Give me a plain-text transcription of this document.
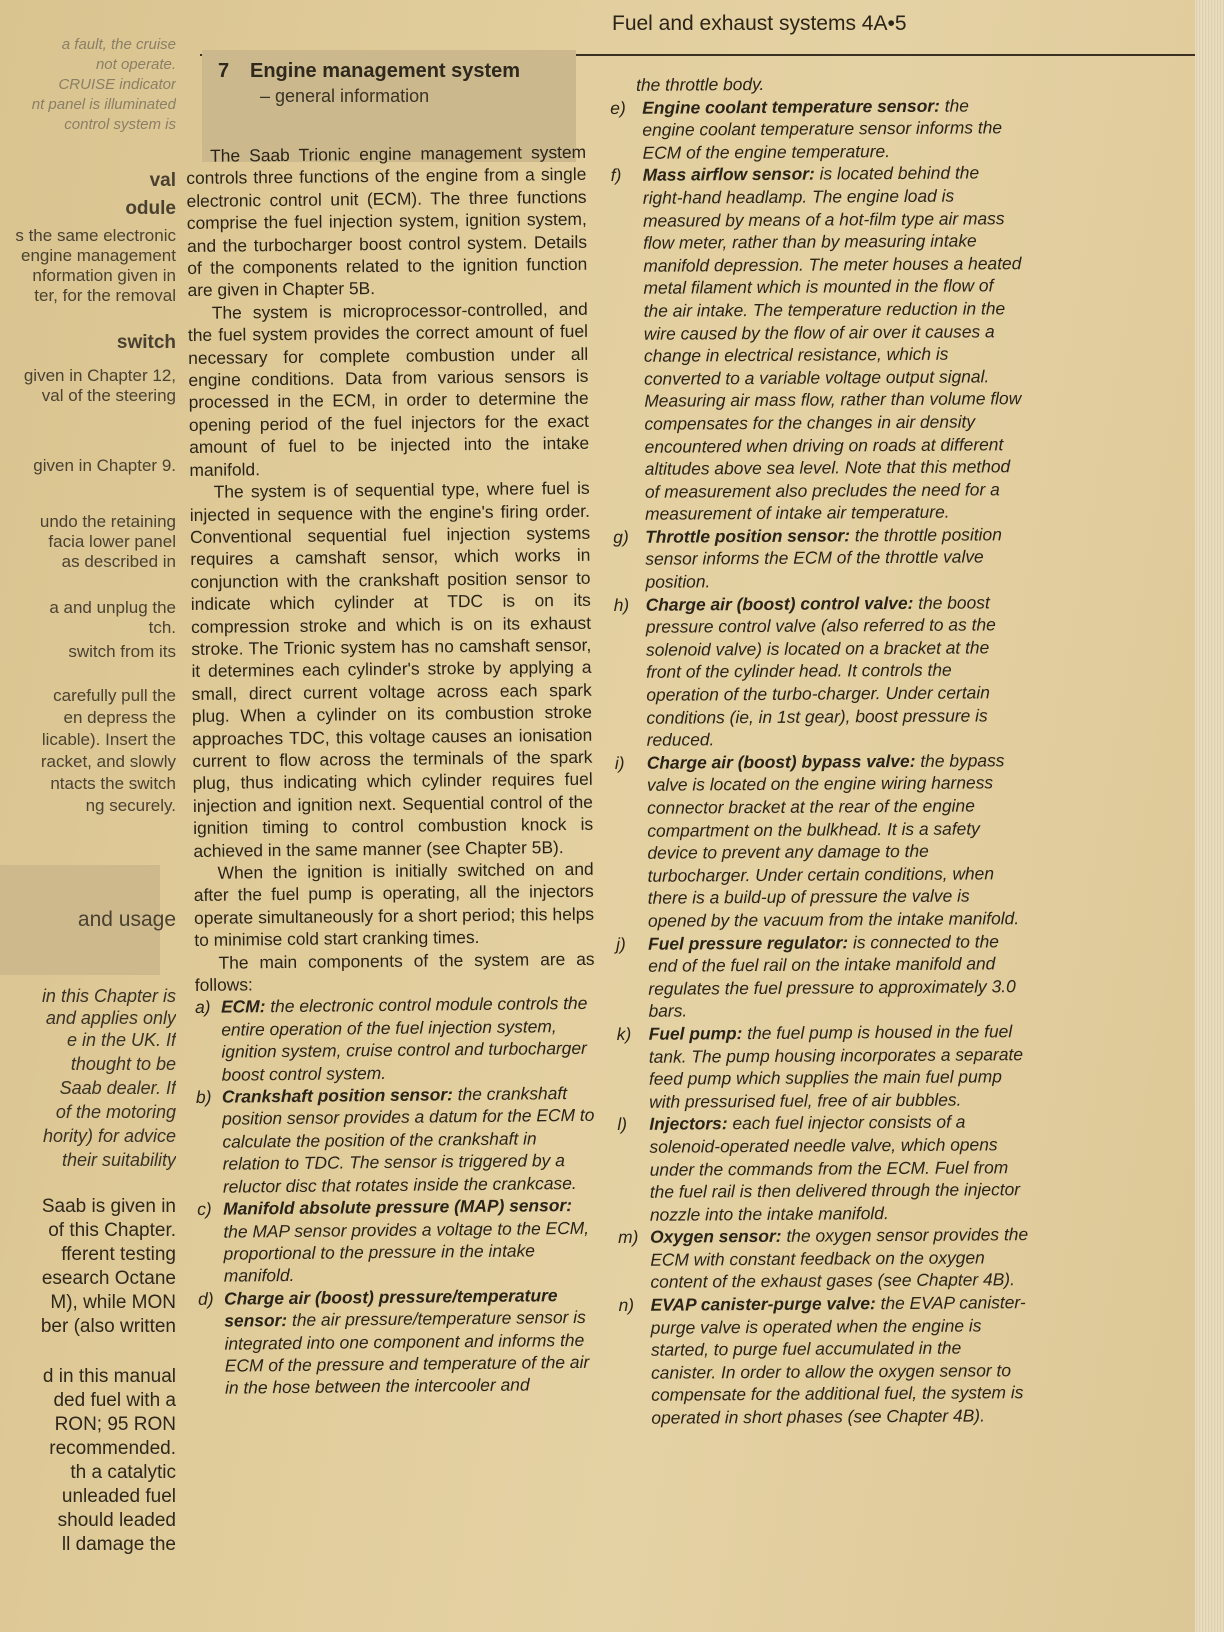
Fuel and exhaust systems 4A•5
a fault, the cruise
not operate.
CRUISE indicator
nt panel is illuminated
control system is
val
odule
s the same electronic
engine management
nformation given in
ter, for the removal
switch
given in Chapter 12,
val of the steering
given in Chapter 9.
undo the retaining
facia lower panel
as described in
a and unplug the
tch.
switch from its
carefully pull the
en depress the
licable). Insert the
racket, and slowly
ntacts the switch
ng securely.
and usage
in this Chapter is
and applies only
e in the UK. If
thought to be
Saab dealer. If
of the motoring
hority) for advice
their suitability
Saab is given in
of this Chapter.
fferent testing
esearch Octane
M), while MON
ber (also written
d in this manual
ded fuel with a
RON; 95 RON
recommended.
th a catalytic
unleaded fuel
should leaded
ll damage the
7 Engine management system
– general information

The Saab Trionic engine management system controls three functions of the engine from a single electronic control unit (ECM). The three functions comprise the fuel injection system, ignition system, and the turbocharger boost control system. Details of the components related to the ignition function are given in Chapter 5B.

The system is microprocessor-controlled, and the fuel system provides the correct amount of fuel necessary for complete combustion under all engine conditions. Data from various sensors is processed in the ECM, in order to determine the opening period of the fuel injectors for the exact amount of fuel to be injected into the intake manifold.

The system is of sequential type, where fuel is injected in sequence with the engine's firing order. Conventional sequential fuel injection systems requires a camshaft sensor, which works in conjunction with the crankshaft position sensor to indicate which cylinder at TDC is on its compression stroke and which is on its exhaust stroke. The Trionic system has no camshaft sensor, it determines each cylinder's stroke by applying a small, direct current voltage across each spark plug. When a cylinder on its combustion stroke approaches TDC, this voltage causes an ionisation current to flow across the terminals of the spark plug, thus indicating which cylinder requires fuel injection and ignition next. Sequential control of the ignition timing to control combustion knock is achieved in the same manner (see Chapter 5B).

When the ignition is initially switched on and after the fuel pump is operating, all the injectors operate simultaneously for a short period; this helps to minimise cold start cranking times.

The main components of the system are as follows:

a) ECM: the electronic control module controls the entire operation of the fuel injection system, ignition system, cruise control and turbocharger boost control system.
b) Crankshaft position sensor: the crankshaft position sensor provides a datum for the ECM to calculate the position of the crankshaft in relation to TDC. The sensor is triggered by a reluctor disc that rotates inside the crankcase.
c) Manifold absolute pressure (MAP) sensor: the MAP sensor provides a voltage to the ECM, proportional to the pressure in the intake manifold.
d) Charge air (boost) pressure/temperature sensor: the air pressure/temperature sensor is integrated into one component and informs the ECM of the pressure and temperature of the air in the hose between the intercooler and
the throttle body.
e) Engine coolant temperature sensor: the engine coolant temperature sensor informs the ECM of the engine temperature.
f) Mass airflow sensor: is located behind the right-hand headlamp. The engine load is measured by means of a hot-film type air mass flow meter, rather than by measuring intake manifold depression. The meter houses a heated metal filament which is mounted in the flow of the air intake. The temperature reduction in the wire caused by the flow of air over it causes a change in electrical resistance, which is converted to a variable voltage output signal. Measuring air mass flow, rather than volume flow compensates for the changes in air density encountered when driving on roads at different altitudes above sea level. Note that this method of measurement also precludes the need for a measurement of intake air temperature.
g) Throttle position sensor: the throttle position sensor informs the ECM of the throttle valve position.
h) Charge air (boost) control valve: the boost pressure control valve (also referred to as the solenoid valve) is located on a bracket at the front of the cylinder head. It controls the operation of the turbo-charger. Under certain conditions (ie, in 1st gear), boost pressure is reduced.
i) Charge air (boost) bypass valve: the bypass valve is located on the engine wiring harness connector bracket at the rear of the engine compartment on the bulkhead. It is a safety device to prevent any damage to the turbocharger. Under certain conditions, when there is a build-up of pressure the valve is opened by the vacuum from the intake manifold.
j) Fuel pressure regulator: is connected to the end of the fuel rail on the intake manifold and regulates the fuel pressure to approximately 3.0 bars.
k) Fuel pump: the fuel pump is housed in the fuel tank. The pump housing incorporates a separate feed pump which supplies the main fuel pump with pressurised fuel, free of air bubbles.
l) Injectors: each fuel injector consists of a solenoid-operated needle valve, which opens under the commands from the ECM. Fuel from the fuel rail is then delivered through the injector nozzle into the intake manifold.
m) Oxygen sensor: the oxygen sensor provides the ECM with constant feedback on the oxygen content of the exhaust gases (see Chapter 4B).
n) EVAP canister-purge valve: the EVAP canister-purge valve is operated when the engine is started, to purge fuel accumulated in the canister. In order to allow the oxygen sensor to compensate for the additional fuel, the system is operated in short phases (see Chapter 4B).
